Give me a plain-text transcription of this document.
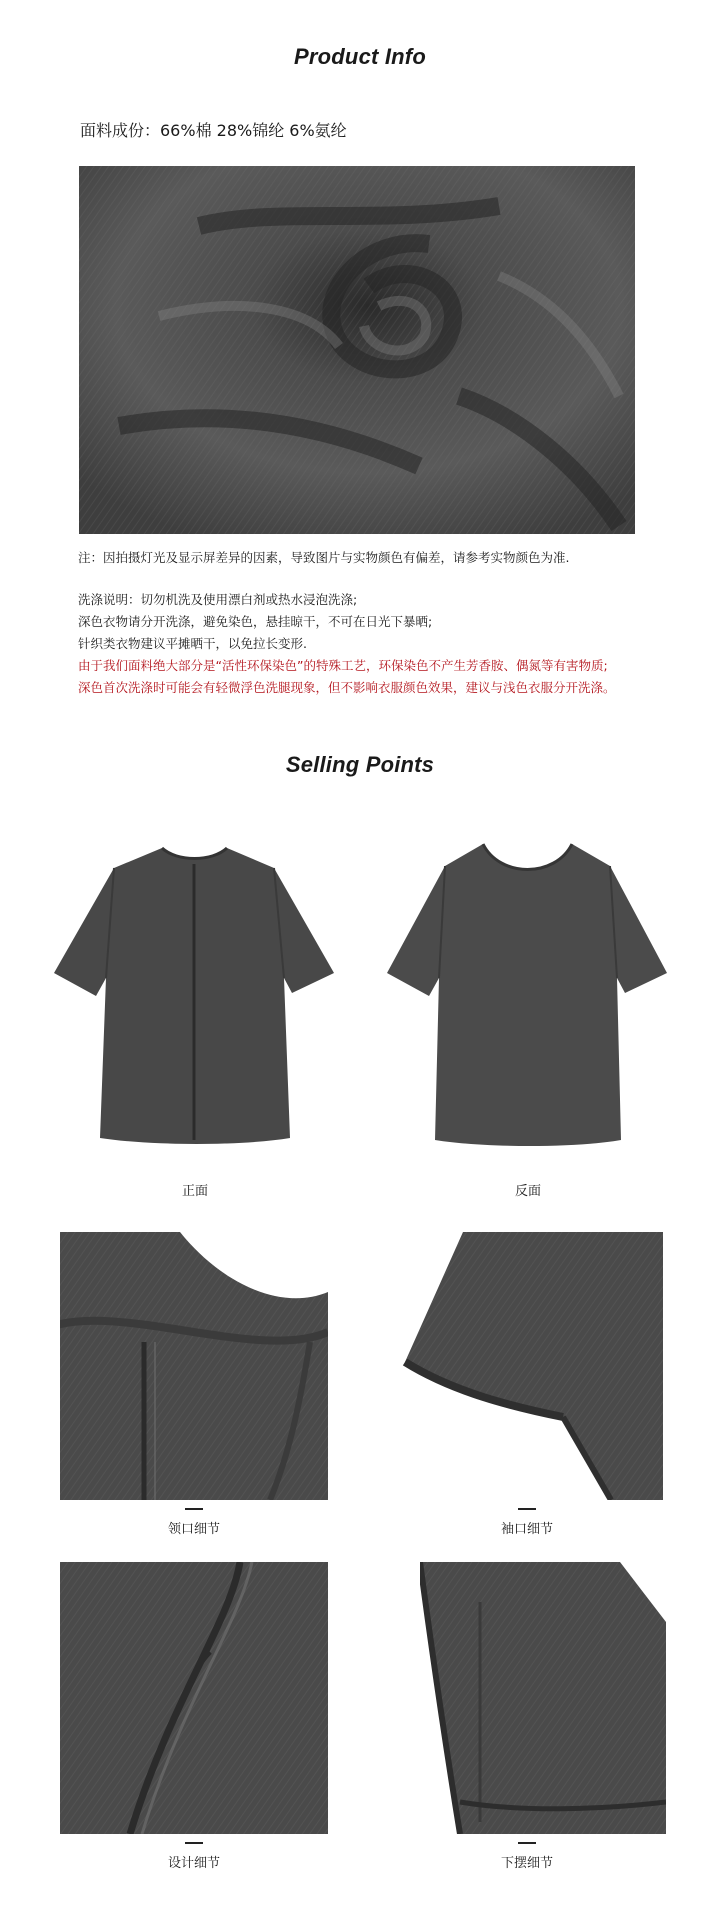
Product Info
面料成份：66%棉 28%锦纶 6%氨纶
注：因拍摄灯光及显示屏差异的因素，导致图片与实物颜色有偏差，请参考实物颜色为准.
洗涤说明：切勿机洗及使用漂白剂或热水浸泡洗涤;
深色衣物请分开洗涤，避免染色，悬挂晾干，不可在日光下暴晒;
针织类衣物建议平摊晒干，以免拉长变形.
由于我们面料绝大部分是“活性环保染色”的特殊工艺，环保染色不产生芳香胺、偶氮等有害物质;
深色首次洗涤时可能会有轻微浮色洗腿现象，但不影响衣服颜色效果，建议与浅色衣服分开洗涤。
Selling Points
正面	反面
领口细节	袖口细节
设计细节	下摆细节
